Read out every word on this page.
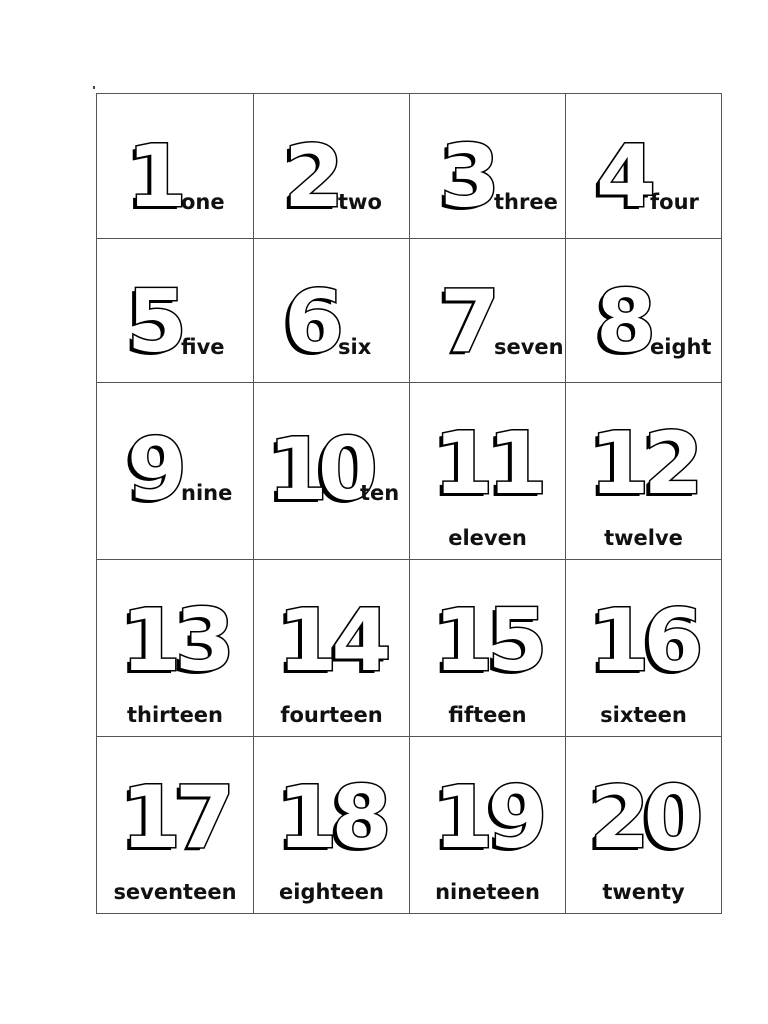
1 one 2 two 3 three 4 four
5 five 6 six 7 seven 8 eight
9 nine 10
ten 11
eleven
12
twelve
13
thirteen
14
fourteen
15
fifteen
16
sixteen
17
seventeen
18
eighteen
19
nineteen
20
twenty
